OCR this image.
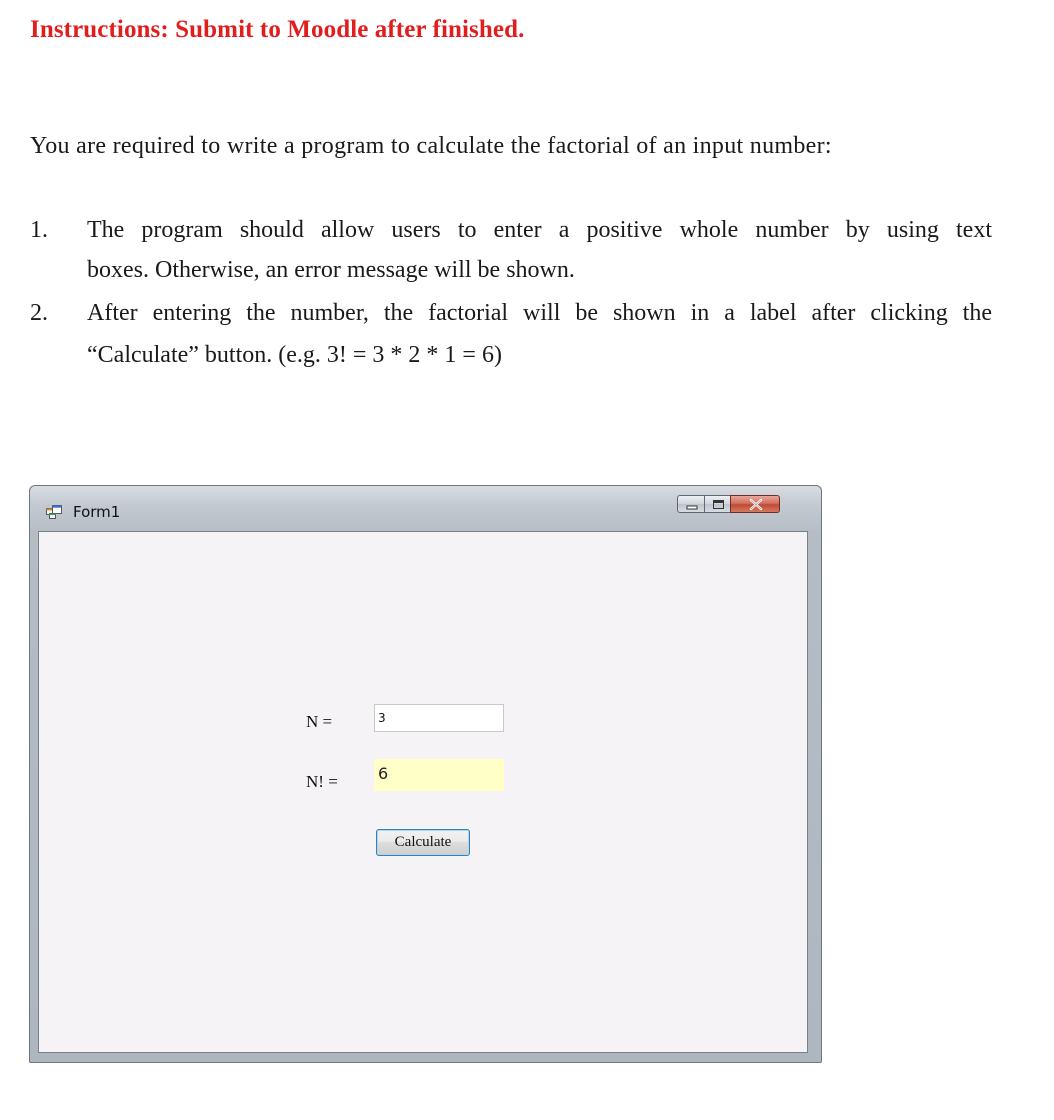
Instructions: Submit to Moodle after finished.
You are required to write a program to calculate the factorial of an input number:
1. The program should allow users to enter a positive whole number by using text
boxes. Otherwise, an error message will be shown.
2. After entering the number, the factorial will be shown in a label after clicking the
“Calculate” button. (e.g. 3! = 3 * 2 * 1 = 6)
Form1
N =
3
N! =	6
Calculate
